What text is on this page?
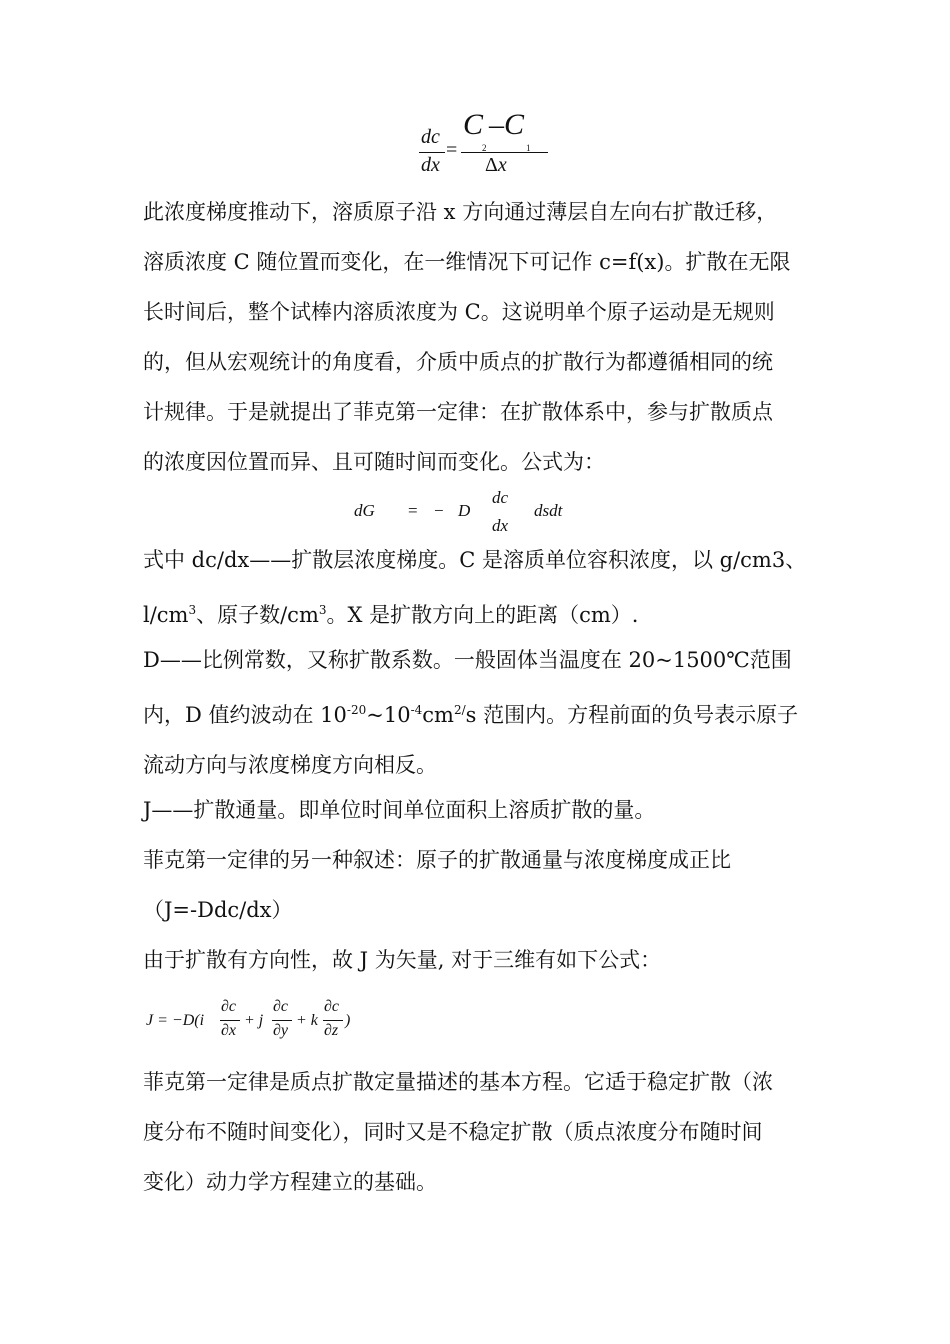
dc
dx
=
C –C
2	1
Δx
此浓度梯度推动下，溶质原子沿 x 方向通过薄层自左向右扩散迁移，
溶质浓度 C 随位置而变化，在一维情况下可记作 c=f(x)。扩散在无限
长时间后，整个试棒内溶质浓度为 C。这说明单个原子运动是无规则
的，但从宏观统计的角度看，介质中质点的扩散行为都遵循相同的统
计规律。于是就提出了菲克第一定律：在扩散体系中，参与扩散质点
的浓度因位置而异、且可随时间而变化。公式为：
dG = − D
dc
dx
dsdt
式中 dc/dx——扩散层浓度梯度。C 是溶质单位容积浓度，以 g/cm3、
$l/cm^3$、原子数$/cm^3$。X 是扩散方向上的距离（cm）.
D——比例常数，又称扩散系数。一般固体当温度在 20~1500℃范围
内，D 值约波动在 $10^{-20}\sim 10^{-4}cm^{2/}s$ 范围内。方程前面的负号表示原子
流动方向与浓度梯度方向相反。
J——扩散通量。即单位时间单位面积上溶质扩散的量。
菲克第一定律的另一种叙述：原子的扩散通量与浓度梯度成正比
（J=-Ddc/dx）
由于扩散有方向性，故 J 为矢量, 对于三维有如下公式：
J = −D(i
∂c
∂x
+ j
∂c
∂y
+ k
∂c
∂z
)
菲克第一定律是质点扩散定量描述的基本方程。它适于稳定扩散（浓
度分布不随时间变化），同时又是不稳定扩散（质点浓度分布随时间
变化）动力学方程建立的基础。
